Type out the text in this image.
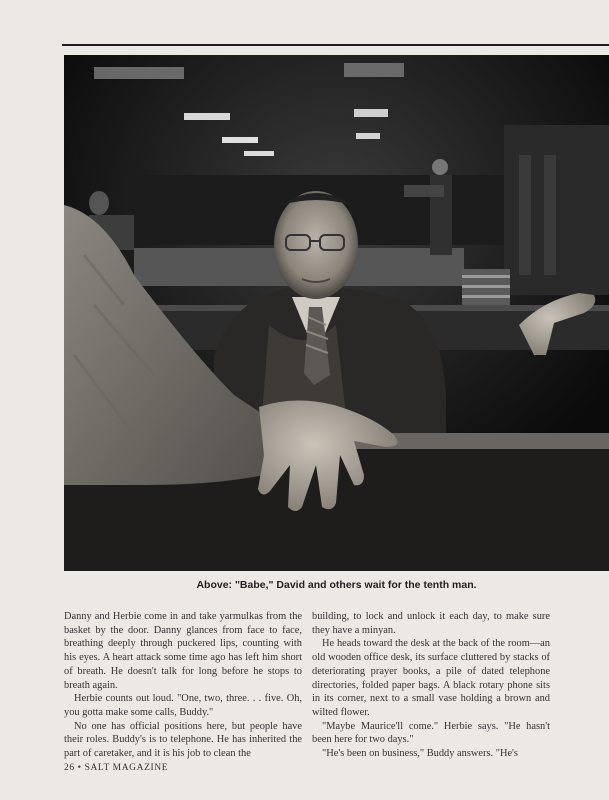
Above: "Babe," David and others wait for the tenth man.

Danny and Herbie come in and take yarmulkas from the basket by the door. Danny glances from face to face, breathing deeply through puckered lips, counting with his eyes. A heart attack some time ago has left him short of breath. He doesn't talk for long before he stops to breath again.

Herbie counts out loud. "One, two, three. . . five. Oh, you gotta make some calls, Buddy."

No one has official positions here, but people have their roles. Buddy's is to telephone. He has inherited the part of caretaker, and it is his job to clean the

building, to lock and unlock it each day, to make sure they have a minyan.

He heads toward the desk at the back of the room—an old wooden office desk, its surface cluttered by stacks of deteriorating prayer books, a pile of dated telephone directories, folded paper bags. A black rotary phone sits in its corner, next to a small vase holding a brown and wilted flower.

"Maybe Maurice'll come." Herbie says. "He hasn't been here for two days."

"He's been on business," Buddy answers. "He's

26 • SALT MAGAZINE
